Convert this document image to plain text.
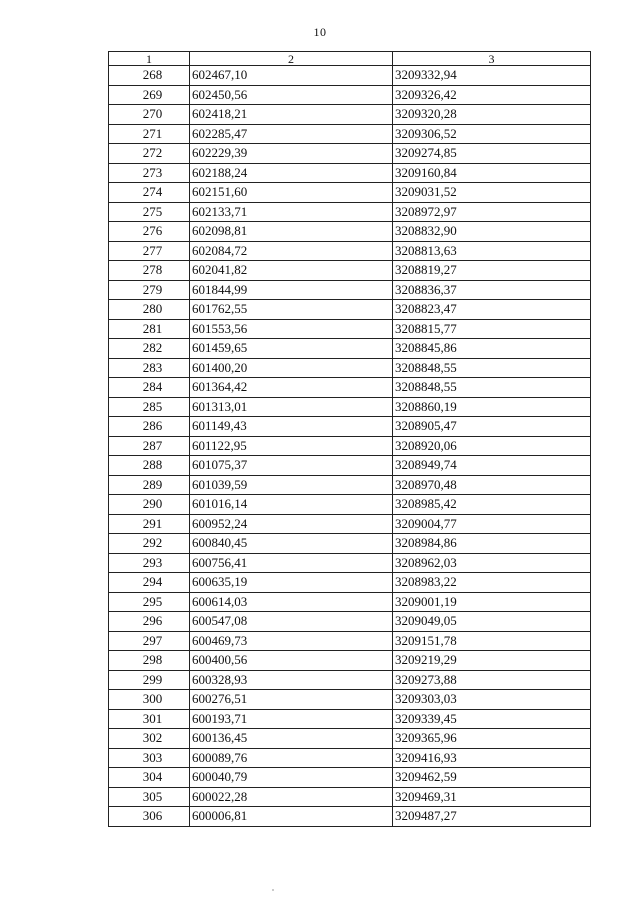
10
1	2	3
268	602467,10	3209332,94
269	602450,56	3209326,42
270	602418,21	3209320,28
271	602285,47	3209306,52
272	602229,39	3209274,85
273	602188,24	3209160,84
274	602151,60	3209031,52
275	602133,71	3208972,97
276	602098,81	3208832,90
277	602084,72	3208813,63
278	602041,82	3208819,27
279	601844,99	3208836,37
280	601762,55	3208823,47
281	601553,56	3208815,77
282	601459,65	3208845,86
283	601400,20	3208848,55
284	601364,42	3208848,55
285	601313,01	3208860,19
286	601149,43	3208905,47
287	601122,95	3208920,06
288	601075,37	3208949,74
289	601039,59	3208970,48
290	601016,14	3208985,42
291	600952,24	3209004,77
292	600840,45	3208984,86
293	600756,41	3208962,03
294	600635,19	3208983,22
295	600614,03	3209001,19
296	600547,08	3209049,05
297	600469,73	3209151,78
298	600400,56	3209219,29
299	600328,93	3209273,88
300	600276,51	3209303,03
301	600193,71	3209339,45
302	600136,45	3209365,96
303	600089,76	3209416,93
304	600040,79	3209462,59
305	600022,28	3209469,31
306	600006,81	3209487,27
